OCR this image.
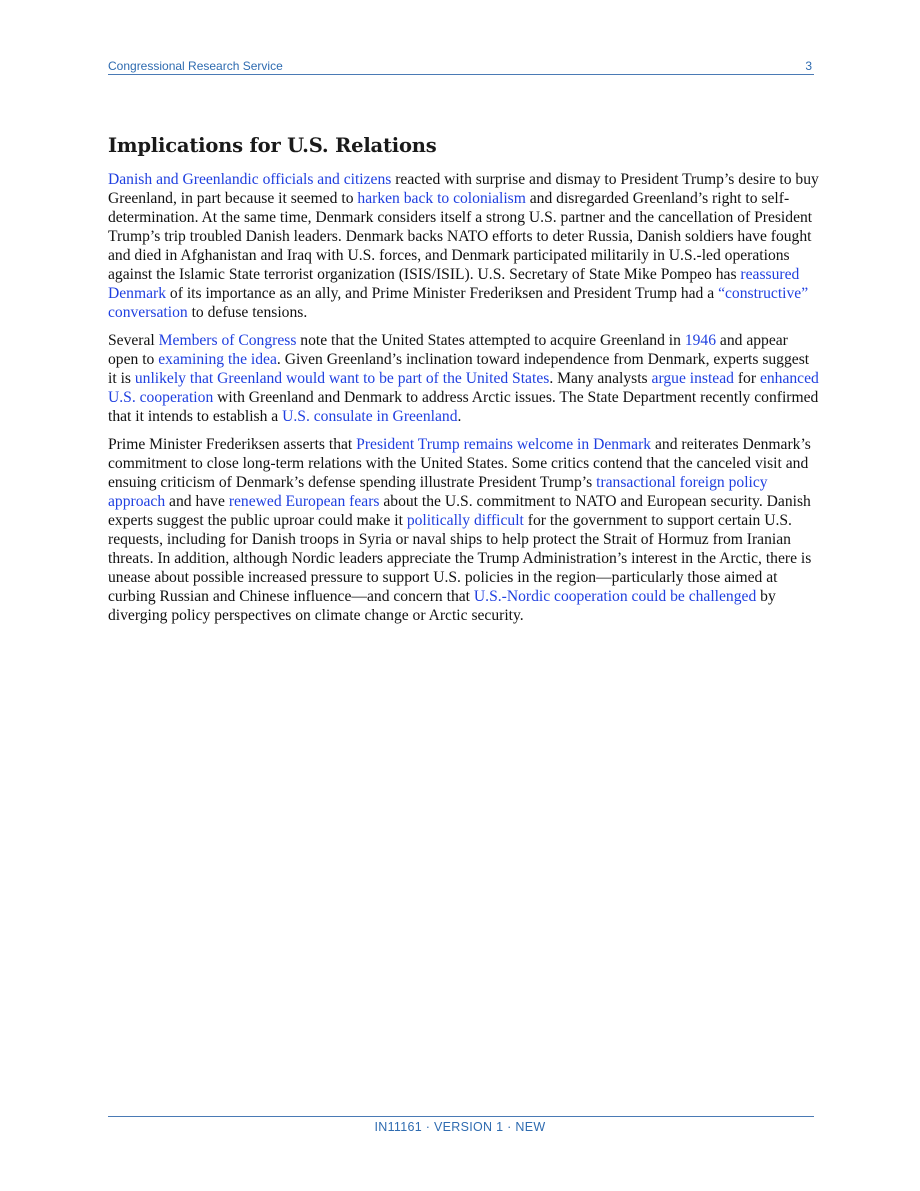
Congressional Research Service	3
Implications for U.S. Relations

Danish and Greenlandic officials and citizens reacted with surprise and dismay to President Trump’s desire to buy Greenland, in part because it seemed to harken back to colonialism and disregarded Greenland’s right to self-determination. At the same time, Denmark considers itself a strong U.S. partner and the cancellation of President Trump’s trip troubled Danish leaders. Denmark backs NATO efforts to deter Russia, Danish soldiers have fought and died in Afghanistan and Iraq with U.S. forces, and Denmark participated militarily in U.S.-led operations against the Islamic State terrorist organization (ISIS/ISIL). U.S. Secretary of State Mike Pompeo has reassured Denmark of its importance as an ally, and Prime Minister Frederiksen and President Trump had a “constructive” conversation to defuse tensions.

Several Members of Congress note that the United States attempted to acquire Greenland in 1946 and appear open to examining the idea. Given Greenland’s inclination toward independence from Denmark, experts suggest it is unlikely that Greenland would want to be part of the United States. Many analysts argue instead for enhanced U.S. cooperation with Greenland and Denmark to address Arctic issues. The State Department recently confirmed that it intends to establish a U.S. consulate in Greenland.

Prime Minister Frederiksen asserts that President Trump remains welcome in Denmark and reiterates Denmark’s commitment to close long-term relations with the United States. Some critics contend that the canceled visit and ensuing criticism of Denmark’s defense spending illustrate President Trump’s transactional foreign policy approach and have renewed European fears about the U.S. commitment to NATO and European security. Danish experts suggest the public uproar could make it politically difficult for the government to support certain U.S. requests, including for Danish troops in Syria or naval ships to help protect the Strait of Hormuz from Iranian threats. In addition, although Nordic leaders appreciate the Trump Administration’s interest in the Arctic, there is unease about possible increased pressure to support U.S. policies in the region—particularly those aimed at curbing Russian and Chinese influence—and concern that U.S.-Nordic cooperation could be challenged by diverging policy perspectives on climate change or Arctic security.

IN11161 · VERSION 1 · NEW
